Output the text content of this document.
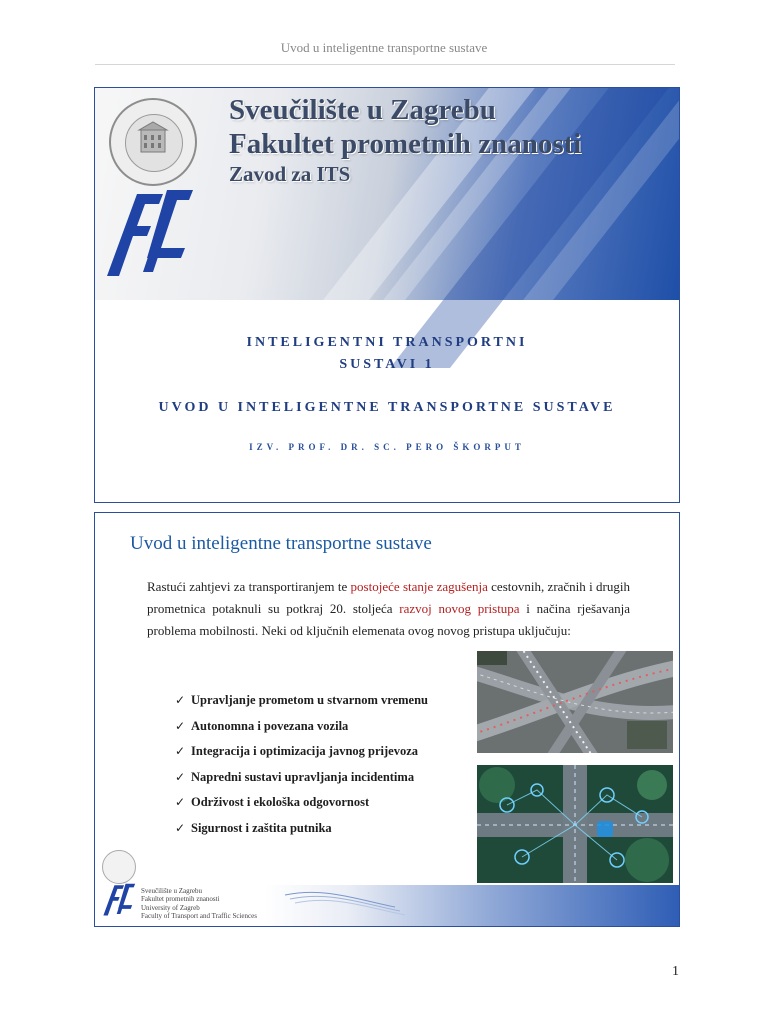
Uvod u inteligentne transportne sustave
Sveučilište u Zagrebu
Fakultet prometnih znanosti
Zavod za ITS
INTELIGENTNI TRANSPORTNI
SUSTAVI 1
UVOD U INTELIGENTNE TRANSPORTNE SUSTAVE
IZV. PROF. DR. SC. PERO ŠKORPUT
Uvod u inteligentne transportne sustave
Rastući zahtjevi za transportiranjem te postojeće stanje zagušenja cestovnih, zračnih i drugih prometnica potaknuli su potkraj 20. stoljeća razvoj novog pristupa i načina rješavanja problema mobilnosti. Neki od ključnih elemenata ovog novog pristupa uključuju:
✓ Upravljanje prometom u stvarnom vremenu
✓ Autonomna i povezana vozila
✓ Integracija i optimizacija javnog prijevoza
✓ Napredni sustavi upravljanja incidentima
✓ Održivost i ekološka odgovornost
✓ Sigurnost i zaštita putnika
Sveučilište u Zagrebu
Fakultet prometnih znanosti
University of Zagreb
Faculty of Transport and Traffic Sciences
1
